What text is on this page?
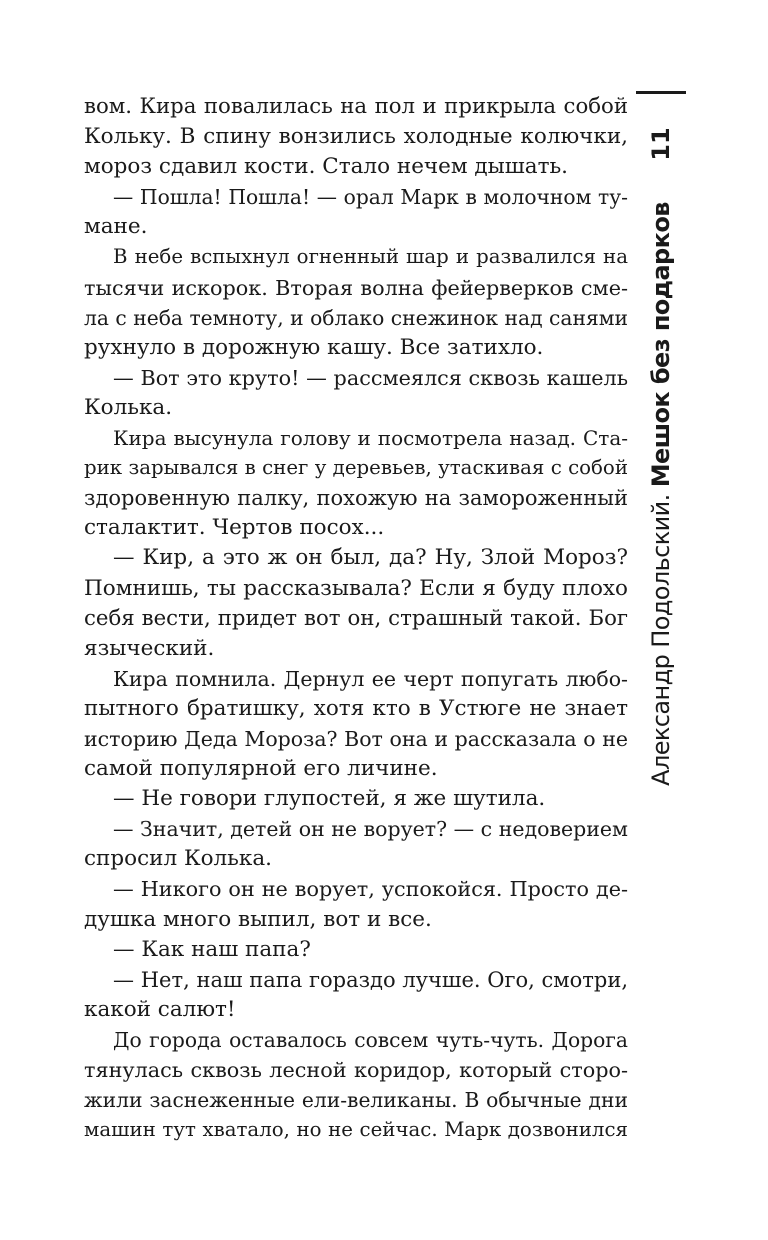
вом. Кира повалилась на пол и прикрыла собой
Кольку. В спину вонзились холодные колючки,
мороз сдавил кости. Стало нечем дышать.
— Пошла! Пошла! — орал Марк в молочном ту-
мане.
В небе вспыхнул огненный шар и развалился на
тысячи искорок. Вторая волна фейерверков сме-
ла с неба темноту, и облако снежинок над санями
рухнуло в дорожную кашу. Все затихло.
— Вот это круто! — рассмеялся сквозь кашель
Колька.
Кира высунула голову и посмотрела назад. Ста-
рик зарывался в снег у деревьев, утаскивая с собой
здоровенную палку, похожую на замороженный
сталактит. Чертов посох...
— Кир, а это ж он был, да? Ну, Злой Мороз?
Помнишь, ты рассказывала? Если я буду плохо
себя вести, придет вот он, страшный такой. Бог
языческий.
Кира помнила. Дернул ее черт попугать любо-
пытного братишку, хотя кто в Устюге не знает
историю Деда Мороза? Вот она и рассказала о не
самой популярной его личине.
— Не говори глупостей, я же шутила.
— Значит, детей он не ворует? — с недоверием
спросил Колька.
— Никого он не ворует, успокойся. Просто де-
душка много выпил, вот и все.
— Как наш папа?
— Нет, наш папа гораздо лучше. Ого, смотри,
какой салют!
До города оставалось совсем чуть-чуть. Дорога
тянулась сквозь лесной коридор, который сторо-
жили заснеженные ели-великаны. В обычные дни
машин тут хватало, но не сейчас. Марк дозвонился
11
Александр Подольский. Мешок без подарков
